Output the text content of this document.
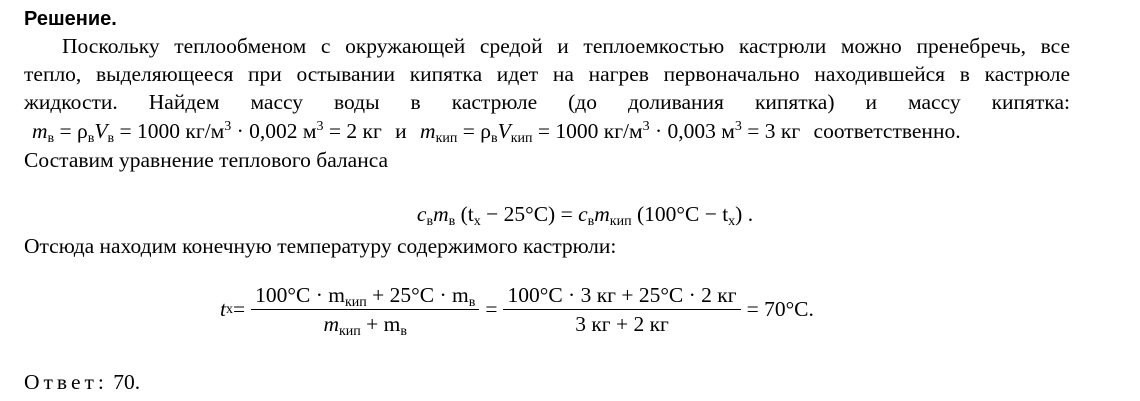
Решение.
Поскольку теплообменом с окружающей средой и теплоемкостью кастрюли можно пренебречь, все
тепло, выделяющееся при остывании кипятка идет на нагрев первоначально находившейся в кастрюле
жидкости. Найдем массу воды в кастрюле (до доливания кипятка) и массу кипятка:
$m_в = \rho_вV_в = 1000$ $кг/м^3 \cdot 0,002$ $м^3 = 2$ кг и $m_{кип} = \rho_вV_{кип} = 1000$ $кг/м^3 \cdot 0,003$ $м^3 = 3$ кг соответственно.
Составим уравнение теплового баланса
$c_вm_в$ $(t_x - 25^\circ C) = c_вm_{кип}$ $(100^\circ C - t_x)$ .
Отсюда находим конечную температуру содержимого кастрюли:
t $x = \frac{100^\circ C \cdot m_{кип} + 25^\circ C \cdot m_в}{m_{кип} + m_в} = \frac{100^\circ C \cdot 3 кг + 25^\circ C \cdot 2 кг}{3 кг + 2 кг} = 70^\circ C$.
Ответ: 70.
